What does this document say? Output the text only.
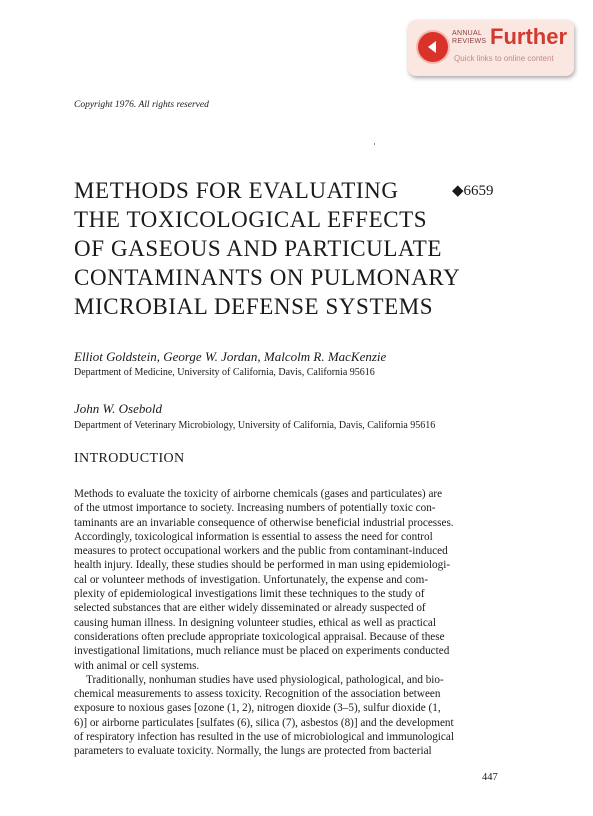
ANNUAL
REVIEWS Further
Quick links to online content
Copyright 1976. All rights reserved
METHODS FOR EVALUATING
THE TOXICOLOGICAL EFFECTS
OF GASEOUS AND PARTICULATE
CONTAMINANTS ON PULMONARY
MICROBIAL DEFENSE SYSTEMS
◆6659
Elliot Goldstein, George W. Jordan, Malcolm R. MacKenzie
Department of Medicine, University of California, Davis, California 95616
John W. Osebold
Department of Veterinary Microbiology, University of California, Davis, California 95616
INTRODUCTION
Methods to evaluate the toxicity of airborne chemicals (gases and particulates) are
of the utmost importance to society. Increasing numbers of potentially toxic con-
taminants are an invariable consequence of otherwise beneficial industrial processes.
Accordingly, toxicological information is essential to assess the need for control
measures to protect occupational workers and the public from contaminant-induced
health injury. Ideally, these studies should be performed in man using epidemiologi-
cal or volunteer methods of investigation. Unfortunately, the expense and com-
plexity of epidemiological investigations limit these techniques to the study of
selected substances that are either widely disseminated or already suspected of
causing human illness. In designing volunteer studies, ethical as well as practical
considerations often preclude appropriate toxicological appraisal. Because of these
investigational limitations, much reliance must be placed on experiments conducted
with animal or cell systems.
Traditionally, nonhuman studies have used physiological, pathological, and bio-
chemical measurements to assess toxicity. Recognition of the association between
exposure to noxious gases [ozone (1, 2), nitrogen dioxide (3–5), sulfur dioxide (1,
6)] or airborne particulates [sulfates (6), silica (7), asbestos (8)] and the development
of respiratory infection has resulted in the use of microbiological and immunological
parameters to evaluate toxicity. Normally, the lungs are protected from bacterial
447
